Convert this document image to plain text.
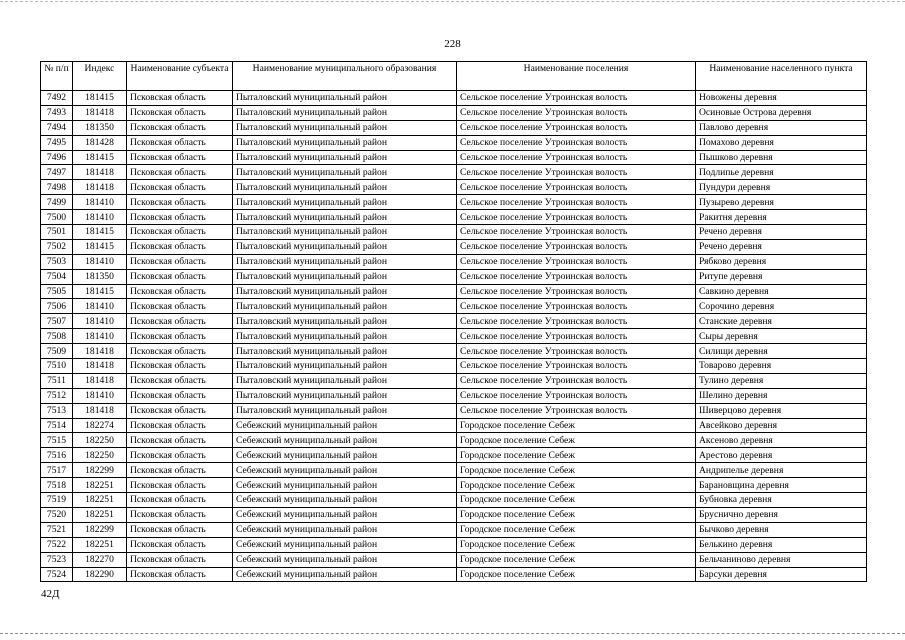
228
№ п/п	Индекс	Наименование субъекта	Наименование муниципального образования	Наименование поселения	Наименование населенного пункта
7492	181415	Псковская область	Пыталовский муниципальный район	Сельское поселение Утроинская волость	Новожены деревня
7493	181418	Псковская область	Пыталовский муниципальный район	Сельское поселение Утроинская волость	Осиновые Острова деревня
7494	181350	Псковская область	Пыталовский муниципальный район	Сельское поселение Утроинская волость	Павлово деревня
7495	181428	Псковская область	Пыталовский муниципальный район	Сельское поселение Утроинская волость	Помахово деревня
7496	181415	Псковская область	Пыталовский муниципальный район	Сельское поселение Утроинская волость	Пышково деревня
7497	181418	Псковская область	Пыталовский муниципальный район	Сельское поселение Утроинская волость	Подлипье деревня
7498	181418	Псковская область	Пыталовский муниципальный район	Сельское поселение Утроинская волость	Пундури деревня
7499	181410	Псковская область	Пыталовский муниципальный район	Сельское поселение Утроинская волость	Пузырево деревня
7500	181410	Псковская область	Пыталовский муниципальный район	Сельское поселение Утроинская волость	Ракитня деревня
7501	181415	Псковская область	Пыталовский муниципальный район	Сельское поселение Утроинская волость	Речено деревня
7502	181415	Псковская область	Пыталовский муниципальный район	Сельское поселение Утроинская волость	Речено деревня
7503	181410	Псковская область	Пыталовский муниципальный район	Сельское поселение Утроинская волость	Рябково деревня
7504	181350	Псковская область	Пыталовский муниципальный район	Сельское поселение Утроинская волость	Ритупе деревня
7505	181415	Псковская область	Пыталовский муниципальный район	Сельское поселение Утроинская волость	Савкино деревня
7506	181410	Псковская область	Пыталовский муниципальный район	Сельское поселение Утроинская волость	Сорочино деревня
7507	181410	Псковская область	Пыталовский муниципальный район	Сельское поселение Утроинская волость	Станские деревня
7508	181410	Псковская область	Пыталовский муниципальный район	Сельское поселение Утроинская волость	Сыры деревня
7509	181418	Псковская область	Пыталовский муниципальный район	Сельское поселение Утроинская волость	Силищи деревня
7510	181418	Псковская область	Пыталовский муниципальный район	Сельское поселение Утроинская волость	Товарово деревня
7511	181418	Псковская область	Пыталовский муниципальный район	Сельское поселение Утроинская волость	Тулино деревня
7512	181410	Псковская область	Пыталовский муниципальный район	Сельское поселение Утроинская волость	Шелино деревня
7513	181418	Псковская область	Пыталовский муниципальный район	Сельское поселение Утроинская волость	Шиверцово деревня
7514	182274	Псковская область	Себежский муниципальный район	Городское поселение Себеж	Авсейково деревня
7515	182250	Псковская область	Себежский муниципальный район	Городское поселение Себеж	Аксеново деревня
7516	182250	Псковская область	Себежский муниципальный район	Городское поселение Себеж	Арестово деревня
7517	182299	Псковская область	Себежский муниципальный район	Городское поселение Себеж	Андрипелье деревня
7518	182251	Псковская область	Себежский муниципальный район	Городское поселение Себеж	Барановщина деревня
7519	182251	Псковская область	Себежский муниципальный район	Городское поселение Себеж	Бубновка деревня
7520	182251	Псковская область	Себежский муниципальный район	Городское поселение Себеж	Бруснично деревня
7521	182299	Псковская область	Себежский муниципальный район	Городское поселение Себеж	Бычково деревня
7522	182251	Псковская область	Себежский муниципальный район	Городское поселение Себеж	Белькино деревня
7523	182270	Псковская область	Себежский муниципальный район	Городское поселение Себеж	Бельчаниново деревня
7524	182290	Псковская область	Себежский муниципальный район	Городское поселение Себеж	Барсуки деревня
42Д
